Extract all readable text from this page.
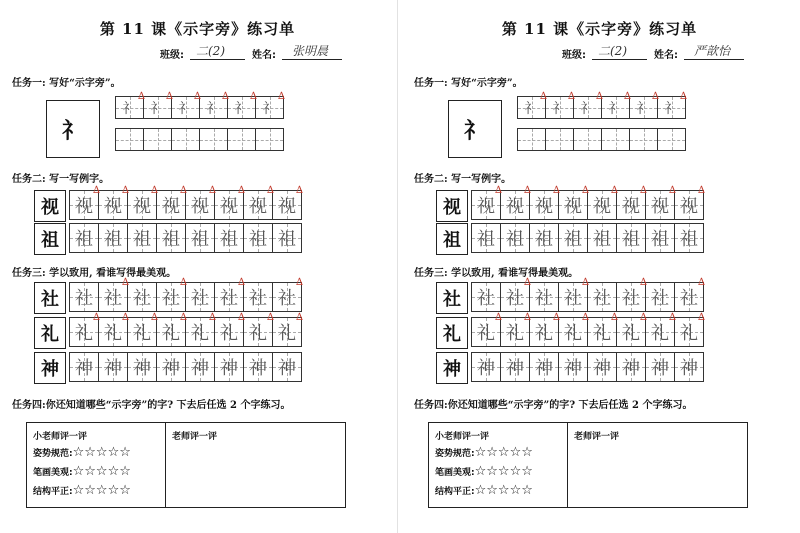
第 11 课《示字旁》练习单
班级: 二(2)	姓名: 张明晨
任务一: 写好“示字旁”。
礻
礻
∆
礻
∆
礻
∆
礻
∆
礻
∆
礻
∆
任务二: 写一写例字。
视 视
∆
视
∆
视
∆
视
∆
视
∆
视
∆
视
∆
视
∆
祖 祖 祖 祖 祖 祖 祖 祖 祖
任务三: 学以致用, 看谁写得最美观。
社 社 社
∆
社 社
∆
社 社
∆
社 社
∆
礼 礼
∆
礼
∆
礼
∆
礼
∆
礼
∆
礼
∆
礼
∆
礼
∆
神 神 神 神 神 神 神 神 神
任务四:你还知道哪些“示字旁”的字? 下去后任选 2 个字练习。
小老师评一评
姿势规范:☆☆☆☆☆
笔画美观:☆☆☆☆☆
结构平正:☆☆☆☆☆
老师评一评
第 11 课《示字旁》练习单
班级: 二(2)	姓名: 严歆怡
任务一: 写好“示字旁”。
礻
礻
∆
礻
∆
礻
∆
礻
∆
礻
∆
礻
∆
任务二: 写一写例字。
视 视
∆
视
∆
视
∆
视
∆
视
∆
视
∆
视
∆
视
∆
祖 祖 祖 祖 祖 祖 祖 祖 祖
任务三: 学以致用, 看谁写得最美观。
社 社 社
∆
社 社
∆
社 社
∆
社 社
∆
礼 礼
∆
礼
∆
礼
∆
礼
∆
礼
∆
礼
∆
礼
∆
礼
∆
神 神 神 神 神 神 神 神 神
任务四:你还知道哪些“示字旁”的字? 下去后任选 2 个字练习。
小老师评一评
姿势规范:☆☆☆☆☆
笔画美观:☆☆☆☆☆
结构平正:☆☆☆☆☆
老师评一评
